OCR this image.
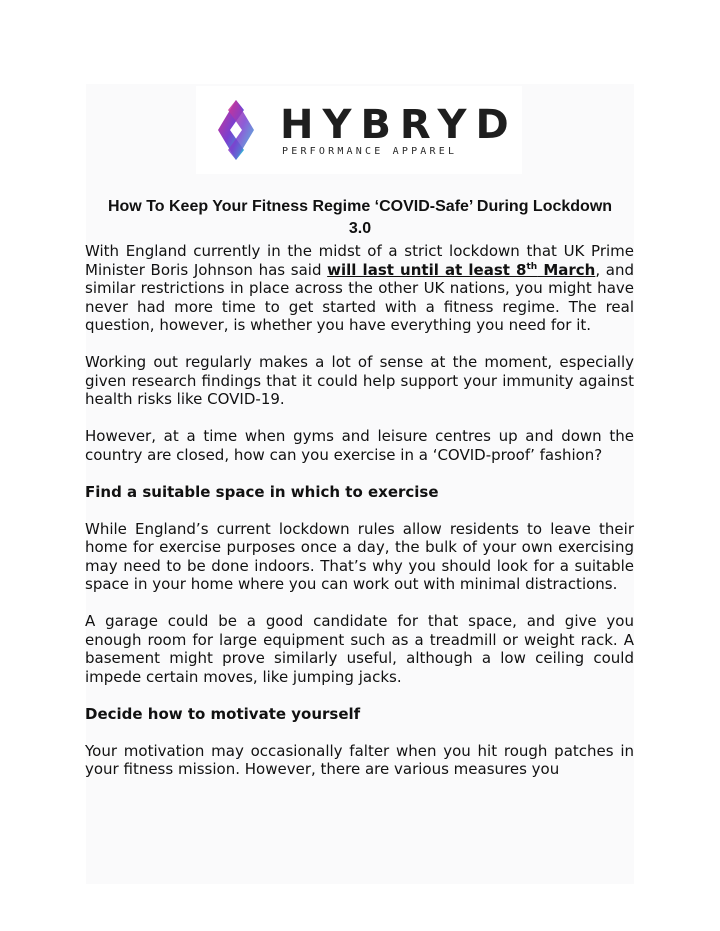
HYBRYD
PERFORMANCE APPAREL
How To Keep Your Fitness Regime ‘COVID-Safe’ During Lockdown 3.0

With England currently in the midst of a strict lockdown that UK Prime Minister Boris Johnson has said will last until at least 8th March, and similar restrictions in place across the other UK nations, you might have never had more time to get started with a fitness regime. The real question, however, is whether you have everything you need for it.

Working out regularly makes a lot of sense at the moment, especially given research findings that it could help support your immunity against health risks like COVID-19.

However, at a time when gyms and leisure centres up and down the country are closed, how can you exercise in a ‘COVID-proof’ fashion?

Find a suitable space in which to exercise

While England’s current lockdown rules allow residents to leave their home for exercise purposes once a day, the bulk of your own exercising may need to be done indoors. That’s why you should look for a suitable space in your home where you can work out with minimal distractions.

A garage could be a good candidate for that space, and give you enough room for large equipment such as a treadmill or weight rack. A basement might prove similarly useful, although a low ceiling could impede certain moves, like jumping jacks.

Decide how to motivate yourself

Your motivation may occasionally falter when you hit rough patches in your fitness mission. However, there are various measures you
